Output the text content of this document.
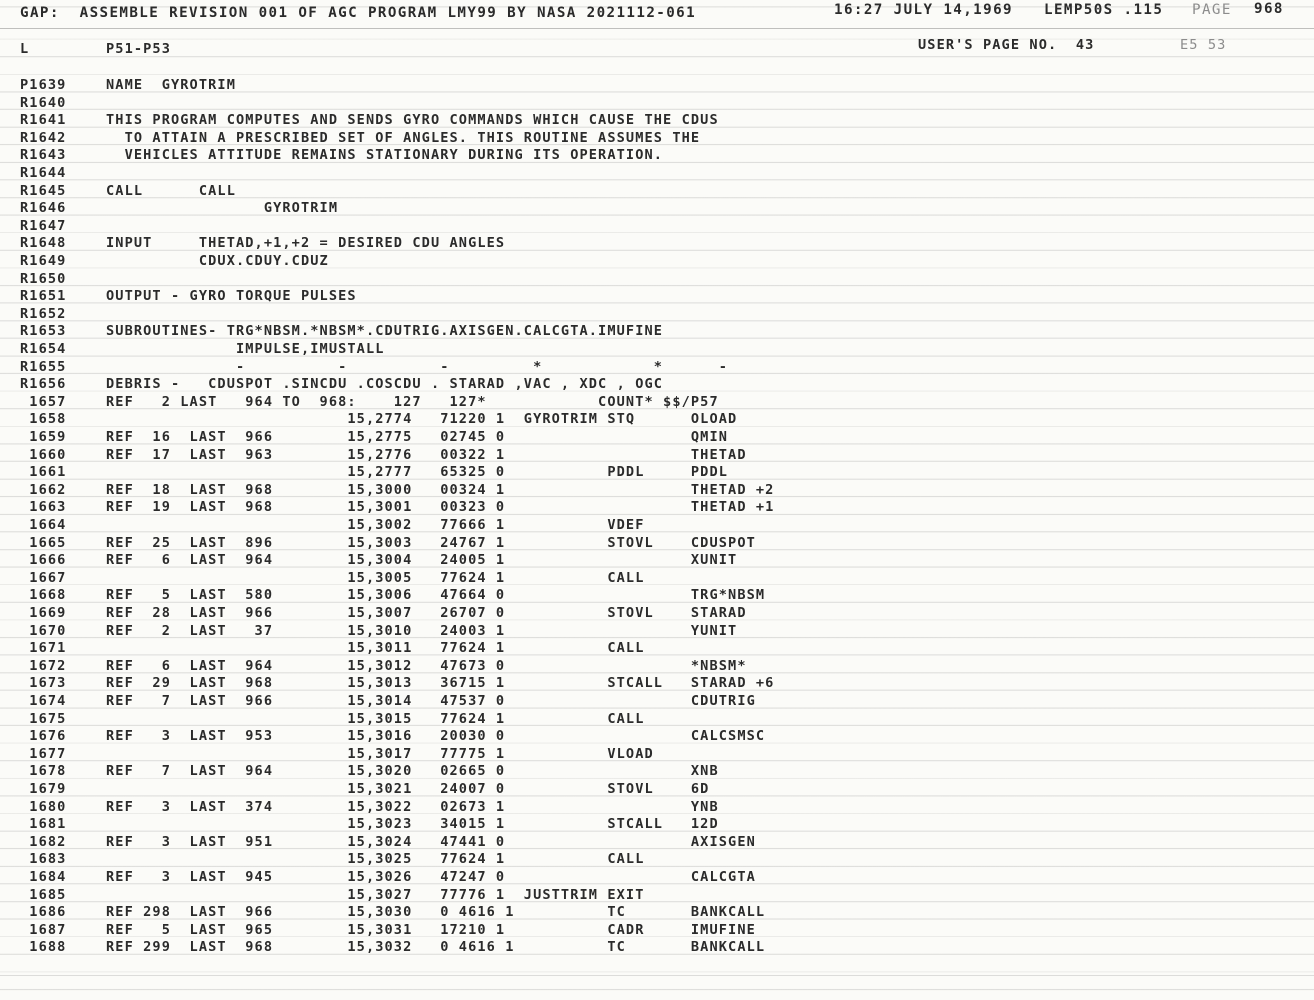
GAP:  ASSEMBLE REVISION 001 OF AGC PROGRAM LMY99 BY NASA 2021112-061	16:27 JULY 14,1969 LEMP50S .115 PAGE 968
L	P51-P53	USER'S PAGE NO.  43	E5 53
P1639	NAME  GYROTRIM
R1640
R1641	THIS PROGRAM COMPUTES AND SENDS GYRO COMMANDS WHICH CAUSE THE CDUS
R1642	TO ATTAIN A PRESCRIBED SET OF ANGLES. THIS ROUTINE ASSUMES THE
R1643	VEHICLES ATTITUDE REMAINS STATIONARY DURING ITS OPERATION.
R1644
R1645	CALL      CALL
R1646	GYROTRIM
R1647
R1648	INPUT     THETAD,+1,+2 = DESIRED CDU ANGLES
R1649	CDUX.CDUY.CDUZ
R1650
R1651	OUTPUT - GYRO TORQUE PULSES
R1652
R1653	SUBROUTINES- TRG*NBSM.*NBSM*.CDUTRIG.AXISGEN.CALCGTA.IMUFINE
R1654	IMPULSE,IMUSTALL
R1655	-          -          -         *            *      -
R1656	DEBRIS -   CDUSPOT .SINCDU .COSCDU . STARAD ,VAC , XDC , OGC
1657	REF   2 LAST   964 TO  968:    127   127*            COUNT* $$/P57
1658	15,2774   71220 1  GYROTRIM STQ      OLOAD
1659	REF  16  LAST  966        15,2775   02745 0                    QMIN
1660	REF  17  LAST  963        15,2776   00322 1                    THETAD
1661	15,2777   65325 0           PDDL     PDDL
1662	REF  18  LAST  968        15,3000   00324 1                    THETAD +2
1663	REF  19  LAST  968        15,3001   00323 0                    THETAD +1
1664	15,3002   77666 1           VDEF
1665	REF  25  LAST  896        15,3003   24767 1           STOVL    CDUSPOT
1666	REF   6  LAST  964        15,3004   24005 1                    XUNIT
1667	15,3005   77624 1           CALL
1668	REF   5  LAST  580        15,3006   47664 0                    TRG*NBSM
1669	REF  28  LAST  966        15,3007   26707 0           STOVL    STARAD
1670	REF   2  LAST   37        15,3010   24003 1                    YUNIT
1671	15,3011   77624 1           CALL
1672	REF   6  LAST  964        15,3012   47673 0                    *NBSM*
1673	REF  29  LAST  968        15,3013   36715 1           STCALL   STARAD +6
1674	REF   7  LAST  966        15,3014   47537 0                    CDUTRIG
1675	15,3015   77624 1           CALL
1676	REF   3  LAST  953        15,3016   20030 0                    CALCSMSC
1677	15,3017   77775 1           VLOAD
1678	REF   7  LAST  964        15,3020   02665 0                    XNB
1679	15,3021   24007 0           STOVL    6D
1680	REF   3  LAST  374        15,3022   02673 1                    YNB
1681	15,3023   34015 1           STCALL   12D
1682	REF   3  LAST  951        15,3024   47441 0                    AXISGEN
1683	15,3025   77624 1           CALL
1684	REF   3  LAST  945        15,3026   47247 0                    CALCGTA
1685	15,3027   77776 1  JUSTTRIM EXIT
1686	REF 298  LAST  966        15,3030   0 4616 1          TC       BANKCALL
1687	REF   5  LAST  965        15,3031   17210 1           CADR     IMUFINE
1688	REF 299  LAST  968        15,3032   0 4616 1          TC       BANKCALL
